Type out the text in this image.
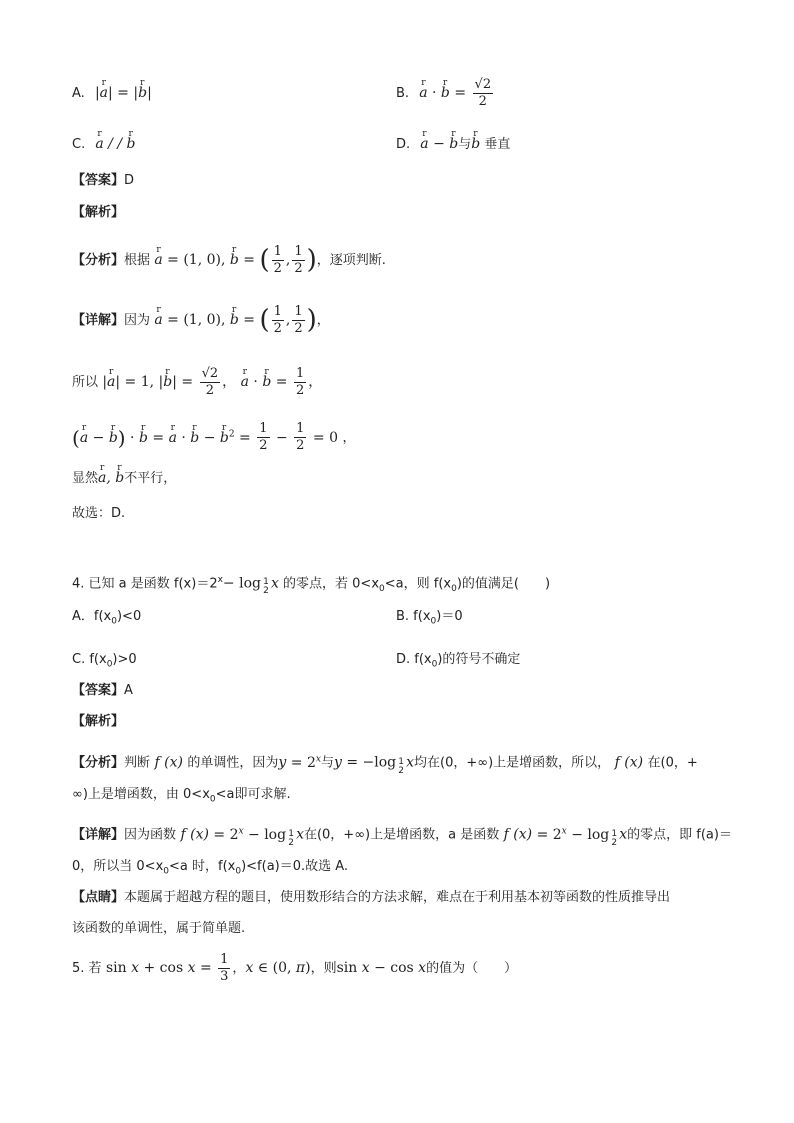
A. |r a| = |r b|	B. r a · r $b = \frac{√2}{2}$
C. r a / / r b	D. r a − r b与r b 垂直
【答案】D
【解析】
【分析】根据 r a = (1, 0), r b = ( $\frac{1}{2}$ , $\frac{1}{2}$ )，逐项判断.
【详解】因为 r a = (1, 0), r b = ( $\frac{1}{2}$ , $\frac{1}{2}$ )，
所以 |r a| = 1, |r $b| = \frac{√2}{2}$ ， r a · r $b = \frac{1}{2}$ ，
(r a − r b) · r b = r a · r b − r $b^2 = \frac{1}{2} - \frac{1}{2} = 0$ ，
显然r a, r b不平行，
故选：D.
4. 已知 a 是函数 $f(x)=2^x- \log 1$
2 x 的零点，若 $0<x_0<a$，则 $f(x_0)$的值满足(　　)
A．$f(x_0)<0$	B. $f(x_0)=0$
C. $f(x_0)>0$	D. $f(x_0)$的符号不确定
【答案】A
【解析】
【分析】判断 f (x) 的单调性，因为$y = 2^x$与y = −log 1
2 x均在(0，+∞)上是增函数，所以， f (x) 在(0，+
∞)上是增函数，由 $0<x_0<a$即可求解.
【详解】因为函数 f $(x) = 2^x - \log 1$
2 x在(0，+∞)上是增函数，a 是函数 f $(x) = 2^x - \log 1$
2 x的零点，即 f(a)＝
0，所以当 $0<x_0<a$ 时，$f(x_0)<f(a)=0$.故选 A.
【点睛】本题属于超越方程的题目，使用数形结合的方法求解，难点在于利用基本初等函数的性质推导出
该函数的单调性，属于简单题.
5. 若 $\sin x + \cos x = \frac{1}{3}$ ，x ∈ (0, π)，则sin x − cos x的值为（　　）
